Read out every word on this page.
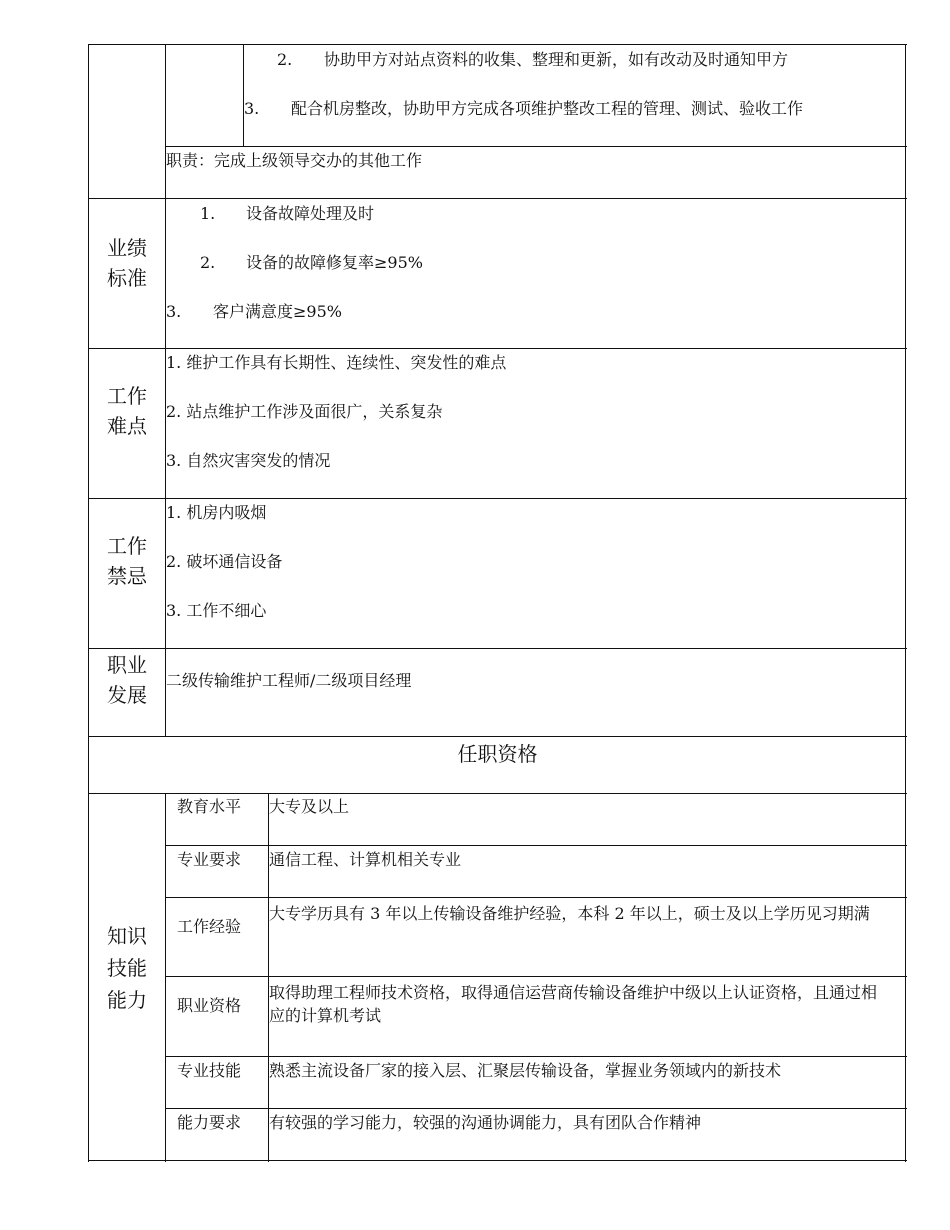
2. 协助甲方对站点资料的收集、整理和更新，如有改动及时通知甲方
3. 配合机房整改，协助甲方完成各项维护整改工程的管理、测试、验收工作
职责：完成上级领导交办的其他工作
业绩
标准
1. 设备故障处理及时
2. 设备的故障修复率≥95%
3. 客户满意度≥95%
工作
难点
1. 维护工作具有长期性、连续性、突发性的难点
2. 站点维护工作涉及面很广，关系复杂
3. 自然灾害突发的情况
工作
禁忌
1. 机房内吸烟
2. 破坏通信设备
3. 工作不细心
职业
发展
二级传输维护工程师/二级项目经理
任职资格
知识
技能
能力
教育水平 大专及以上
专业要求 通信工程、计算机相关专业
工作经验
大专学历具有 3 年以上传输设备维护经验，本科 2 年以上，硕士及以上学历见习期满
职业资格
取得助理工程师技术资格，取得通信运营商传输设备维护中级以上认证资格，且通过相应的计算机考试
专业技能 熟悉主流设备厂家的接入层、汇聚层传输设备，掌握业务领域内的新技术
能力要求 有较强的学习能力，较强的沟通协调能力，具有团队合作精神
